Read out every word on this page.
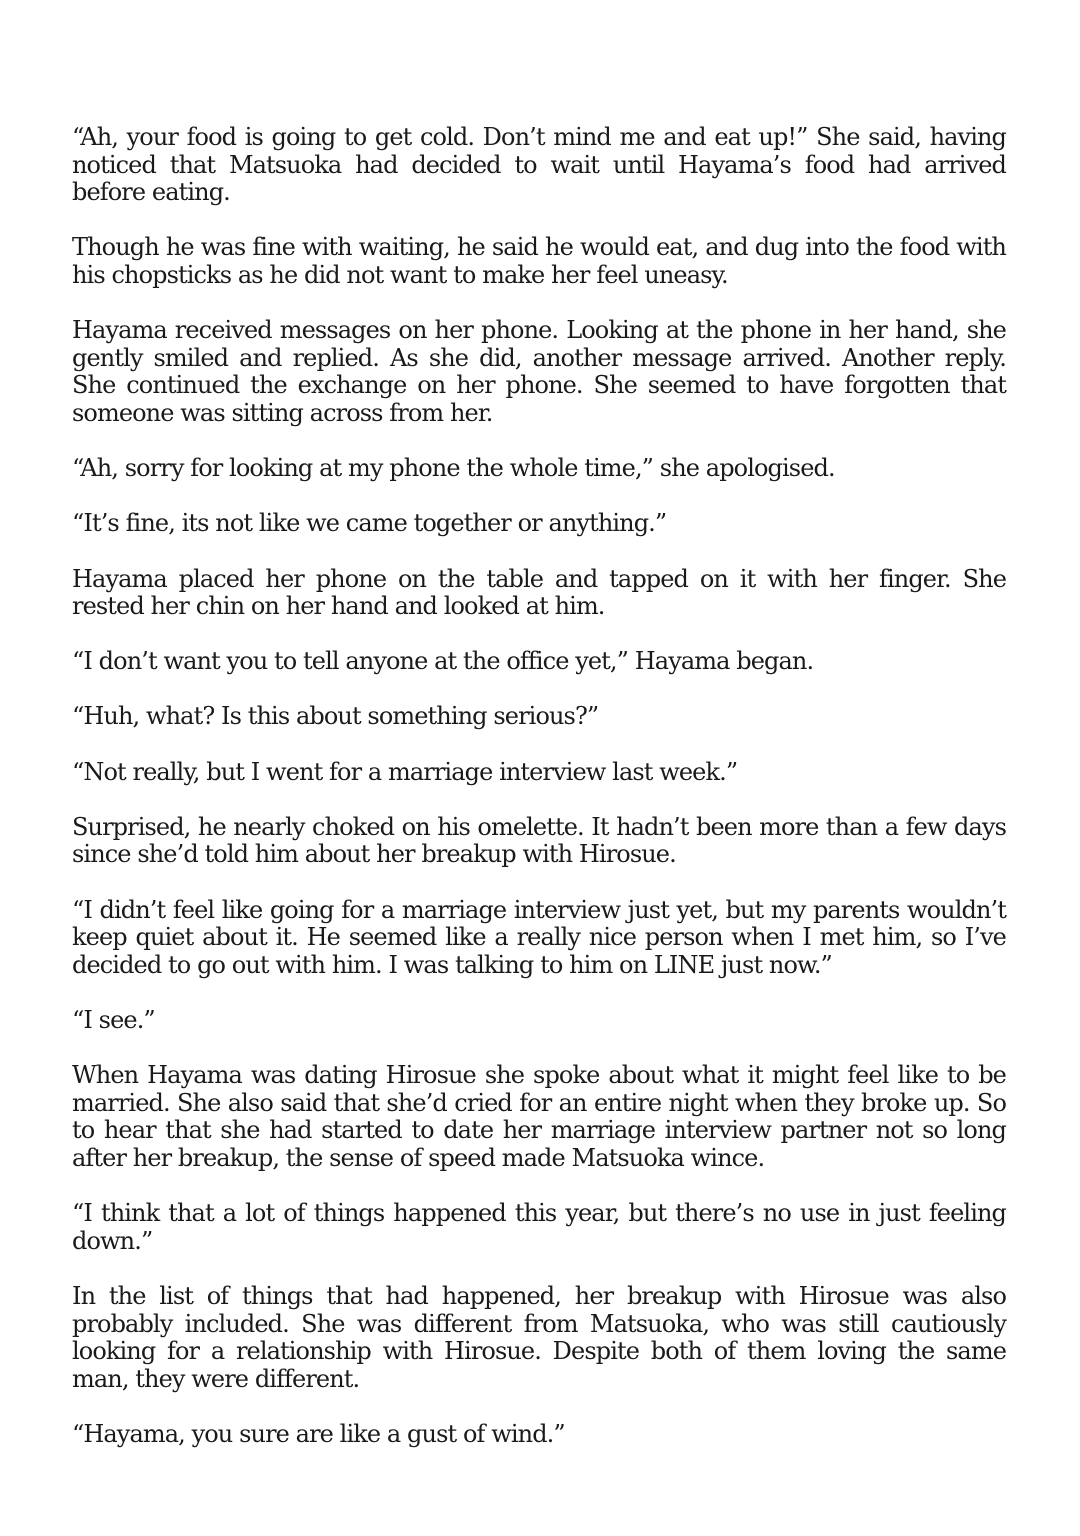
“Ah, your food is going to get cold. Don’t mind me and eat up!” She said, having noticed that Matsuoka had decided to wait until Hayama’s food had arrived before eating.

Though he was fine with waiting, he said he would eat, and dug into the food with his chopsticks as he did not want to make her feel uneasy.

Hayama received messages on her phone. Looking at the phone in her hand, she gently smiled and replied. As she did, another message arrived. Another reply. She continued the exchange on her phone. She seemed to have forgotten that someone was sitting across from her.

“Ah, sorry for looking at my phone the whole time,” she apologised.

“It’s fine, its not like we came together or anything.”

Hayama placed her phone on the table and tapped on it with her finger. She rested her chin on her hand and looked at him.

“I don’t want you to tell anyone at the office yet,” Hayama began.

“Huh, what? Is this about something serious?”

“Not really, but I went for a marriage interview last week.”

Surprised, he nearly choked on his omelette. It hadn’t been more than a few days since she’d told him about her breakup with Hirosue.

“I didn’t feel like going for a marriage interview just yet, but my parents wouldn’t keep quiet about it. He seemed like a really nice person when I met him, so I’ve decided to go out with him. I was talking to him on LINE just now.”

“I see.”

When Hayama was dating Hirosue she spoke about what it might feel like to be married. She also said that she’d cried for an entire night when they broke up. So to hear that she had started to date her marriage interview partner not so long after her breakup, the sense of speed made Matsuoka wince.

“I think that a lot of things happened this year, but there’s no use in just feeling down.”

In the list of things that had happened, her breakup with Hirosue was also probably included. She was different from Matsuoka, who was still cautiously looking for a relationship with Hirosue. Despite both of them loving the same man, they were different.

“Hayama, you sure are like a gust of wind.”
